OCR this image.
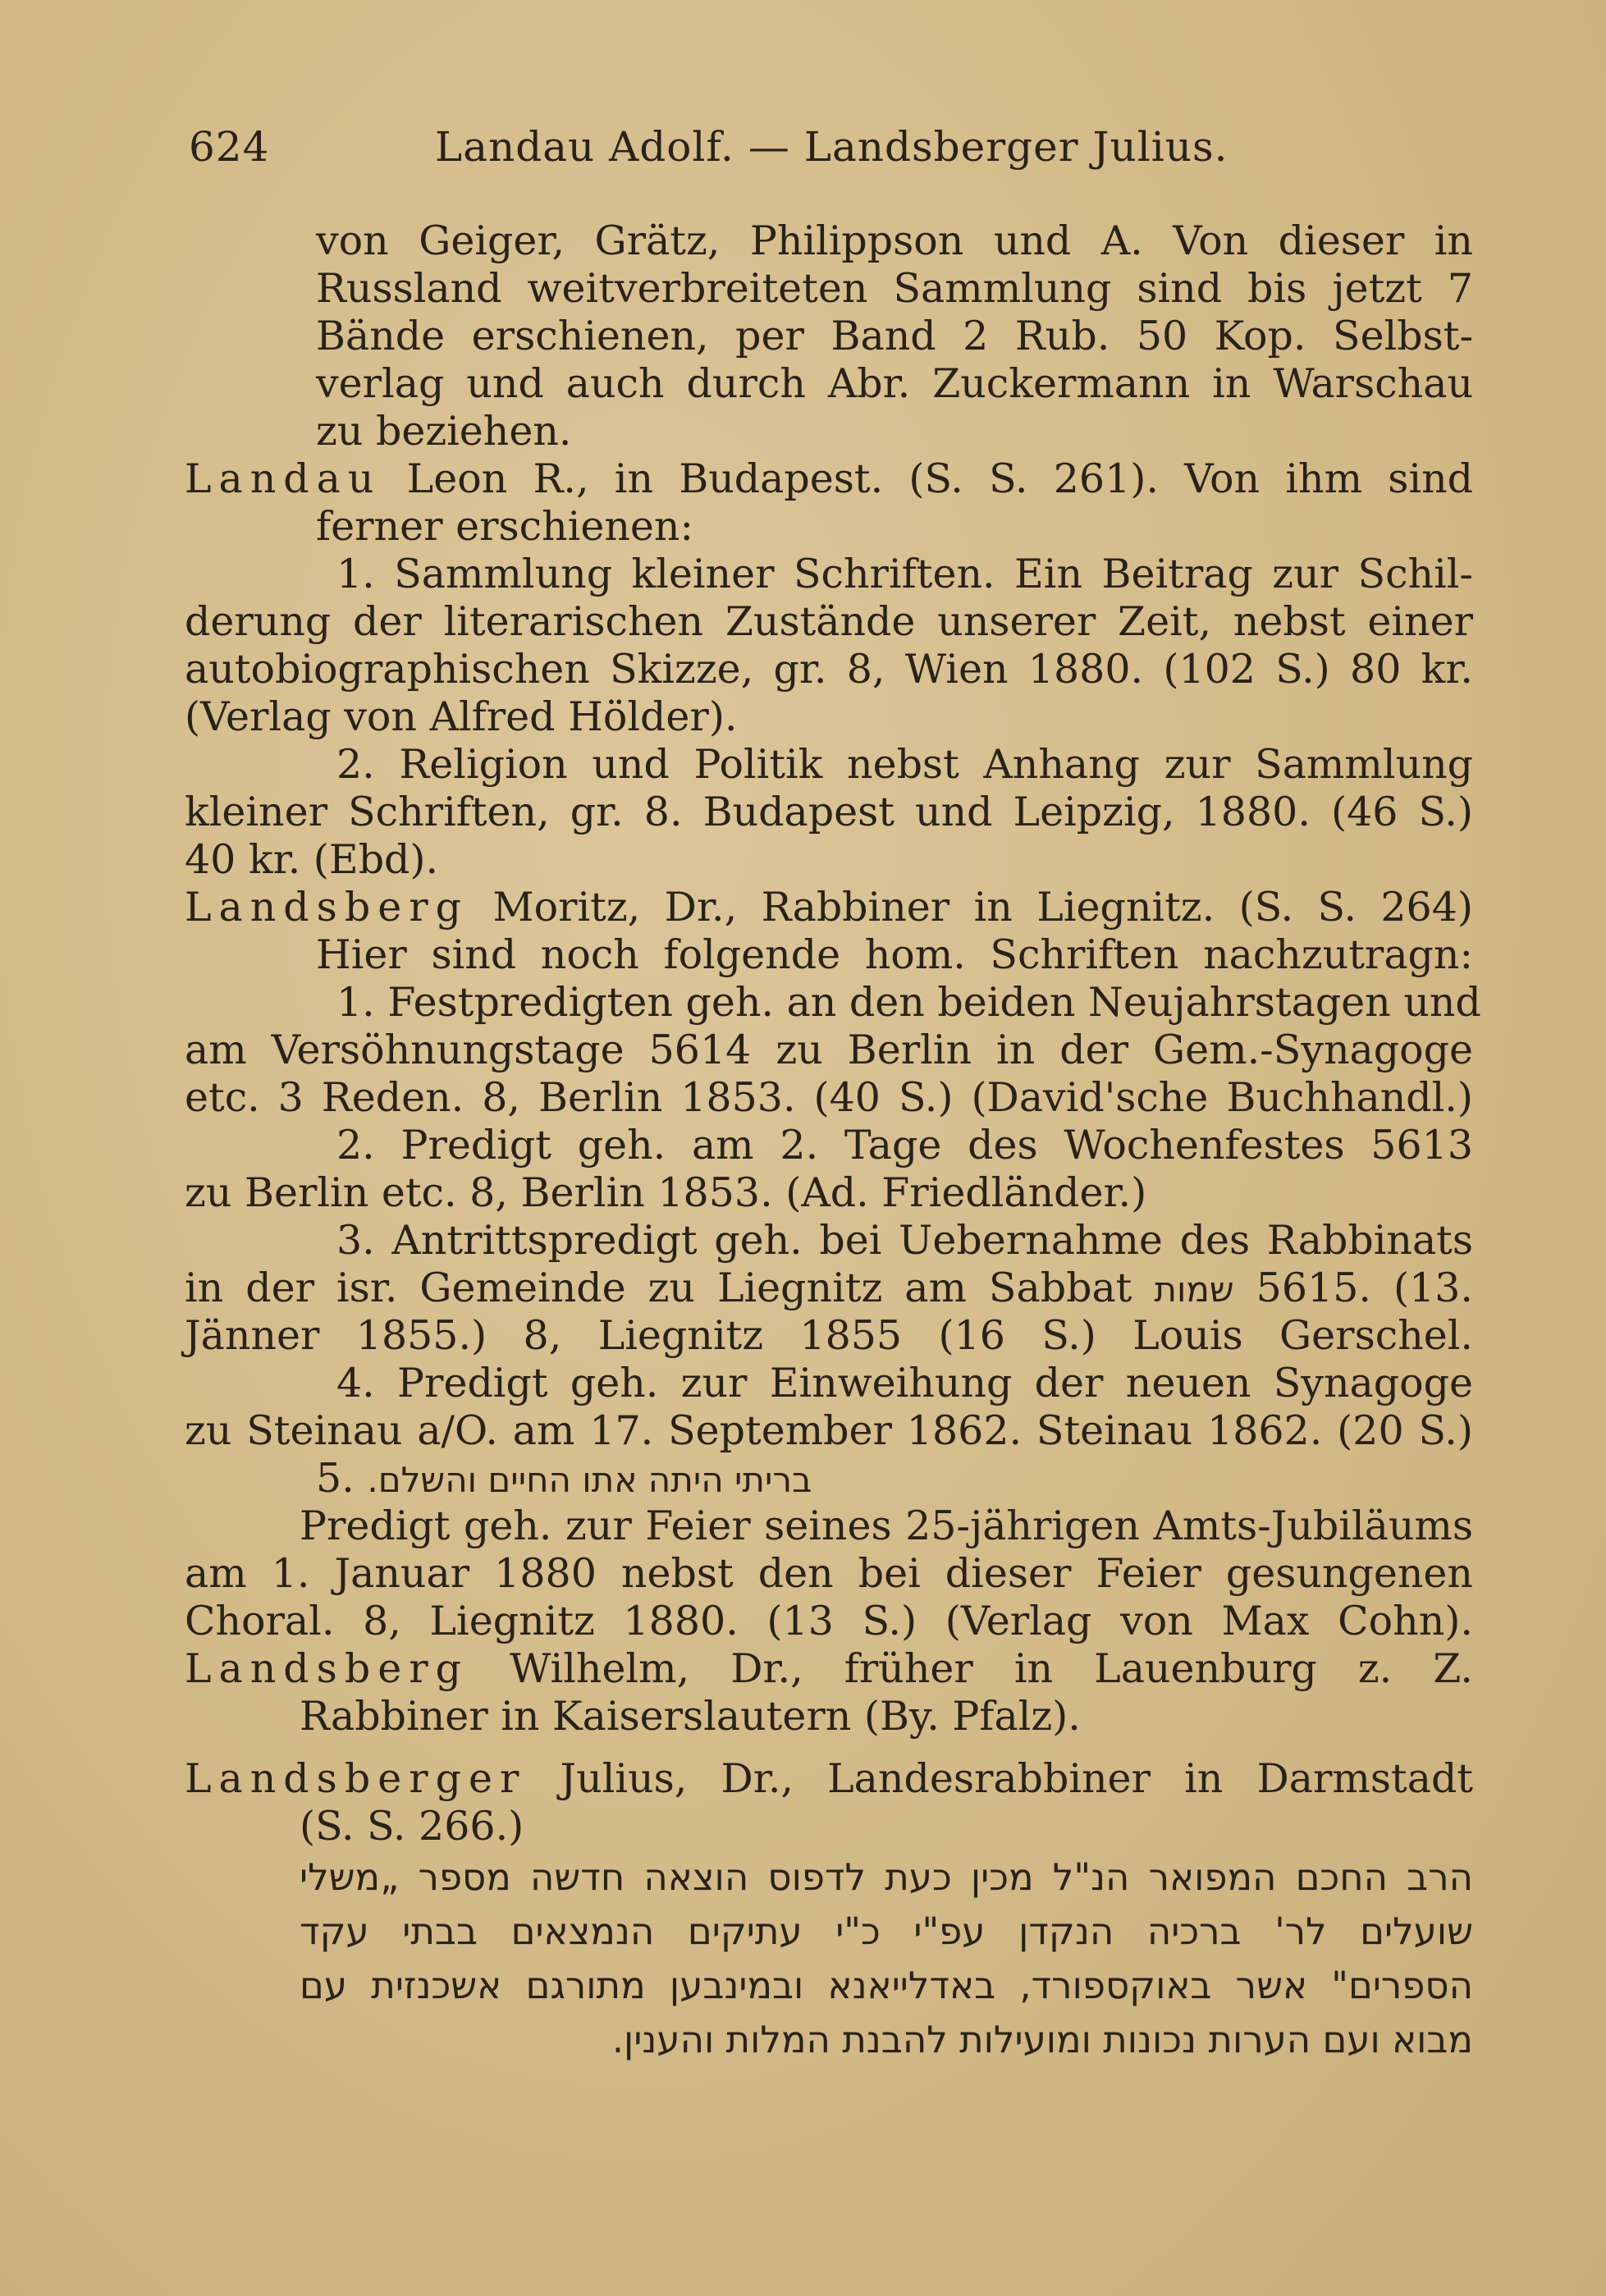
624	Landau Adolf. — Landsberger Julius.
von Geiger, Grätz, Philippson und A. Von dieser in
Russland weitverbreiteten Sammlung sind bis jetzt 7
Bände erschienen, per Band 2 Rub. 50 Kop. Selbst-
verlag und auch durch Abr. Zuckermann in Warschau
zu beziehen.
Landau Leon R., in Budapest. (S. S. 261). Von ihm sind
ferner erschienen:
1. Sammlung kleiner Schriften. Ein Beitrag zur Schil-
derung der literarischen Zustände unserer Zeit, nebst einer
autobiographischen Skizze, gr. 8, Wien 1880. (102 S.) 80 kr.
(Verlag von Alfred Hölder).
2. Religion und Politik nebst Anhang zur Sammlung
kleiner Schriften, gr. 8. Budapest und Leipzig, 1880. (46 S.)
40 kr. (Ebd).
Landsberg Moritz, Dr., Rabbiner in Liegnitz. (S. S. 264)
Hier sind noch folgende hom. Schriften nachzutragn:
1. Festpredigten geh. an den beiden Neujahrstagen und
am Versöhnungstage 5614 zu Berlin in der Gem.-Synagoge
etc. 3 Reden. 8, Berlin 1853. (40 S.) (David'sche Buchhandl.)
2. Predigt geh. am 2. Tage des Wochenfestes 5613
zu Berlin etc. 8, Berlin 1853. (Ad. Friedländer.)
3. Antrittspredigt geh. bei Uebernahme des Rabbinats
in der isr. Gemeinde zu Liegnitz am Sabbat שמות 5615. (13.
Jänner 1855.) 8, Liegnitz 1855 (16 S.) Louis Gerschel.
4. Predigt geh. zur Einweihung der neuen Synagoge
zu Steinau a/O. am 17. September 1862. Steinau 1862. (20 S.)
5. בריתי היתה אתו החיים והשלם.
Predigt geh. zur Feier seines 25-jährigen Amts-Jubiläums
am 1. Januar 1880 nebst den bei dieser Feier gesungenen
Choral. 8, Liegnitz 1880. (13 S.) (Verlag von Max Cohn).
Landsberg Wilhelm, Dr., früher in Lauenburg z. Z.
Rabbiner in Kaiserslautern (By. Pfalz).
Landsberger Julius, Dr., Landesrabbiner in Darmstadt
(S. S. 266.)
הרב החכם המפואר הנ"ל מכין כעת לדפוס הוצאה חדשה מספר „משלי
שועלים לר' ברכיה הנקדן עפ"י כ"י עתיקים הנמצאים בבתי עקד
הספרים" אשר באוקספורד, באדלייאנא ובמינבען מתורגם אשכנזית עם
מבוא ועם הערות נכונות ומועילות להבנת המלות והענין.
